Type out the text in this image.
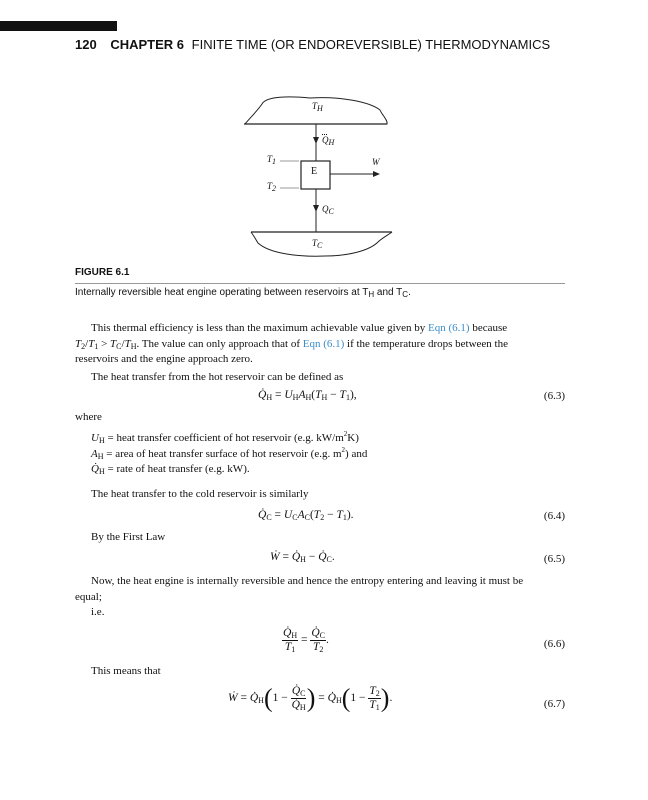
120 CHAPTER 6 FINITE TIME (OR ENDOREVERSIBLE) THERMODYNAMICS
$T_H$
$Q_H$
$T_1$
$T_2$
E
W
$Q_C$
$T_C$
FIGURE 6.1
Internally reversible heat engine operating between reservoirs at $T_H$ and $T_C$.
This thermal efficiency is less than the maximum achievable value given by Eqn (6.1) because
$T_2/T_1 > T_C/T_H$. The value can only approach that of Eqn (6.1) if the temperature drops between the
reservoirs and the engine approach zero.
The heat transfer from the hot reservoir can be defined as
$Q̇_H = U_HA_H(T_H - T_1)$,	(6.3)
where
$U_H$ = heat transfer coefficient of hot reservoir (e.g. $kW/m^2K$)
$A_H$ = area of heat transfer surface of hot reservoir (e.g. $m^2$) and
$Q̇_H$ = rate of heat transfer (e.g. kW).
The heat transfer to the cold reservoir is similarly
$Q̇_C = U_CA_C(T_2 - T_1)$.	(6.4)
By the First Law
Ẇ = $Q̇_H$ − $Q̇_C$.	(6.5)
Now, the heat engine is internally reversible and hence the entropy entering and leaving it must be
equal;
i.e.
$\frac{Q̇_H}{T_1} = \frac{Q̇_C}{T_2}$ .	(6.6)
This means that
Ẇ = $Q̇_H(1 - \frac{Q̇_C}{Q̇_H}$ ) = $Q̇_H(1 - \frac{T_2}{T_1}$ ).	(6.7)
